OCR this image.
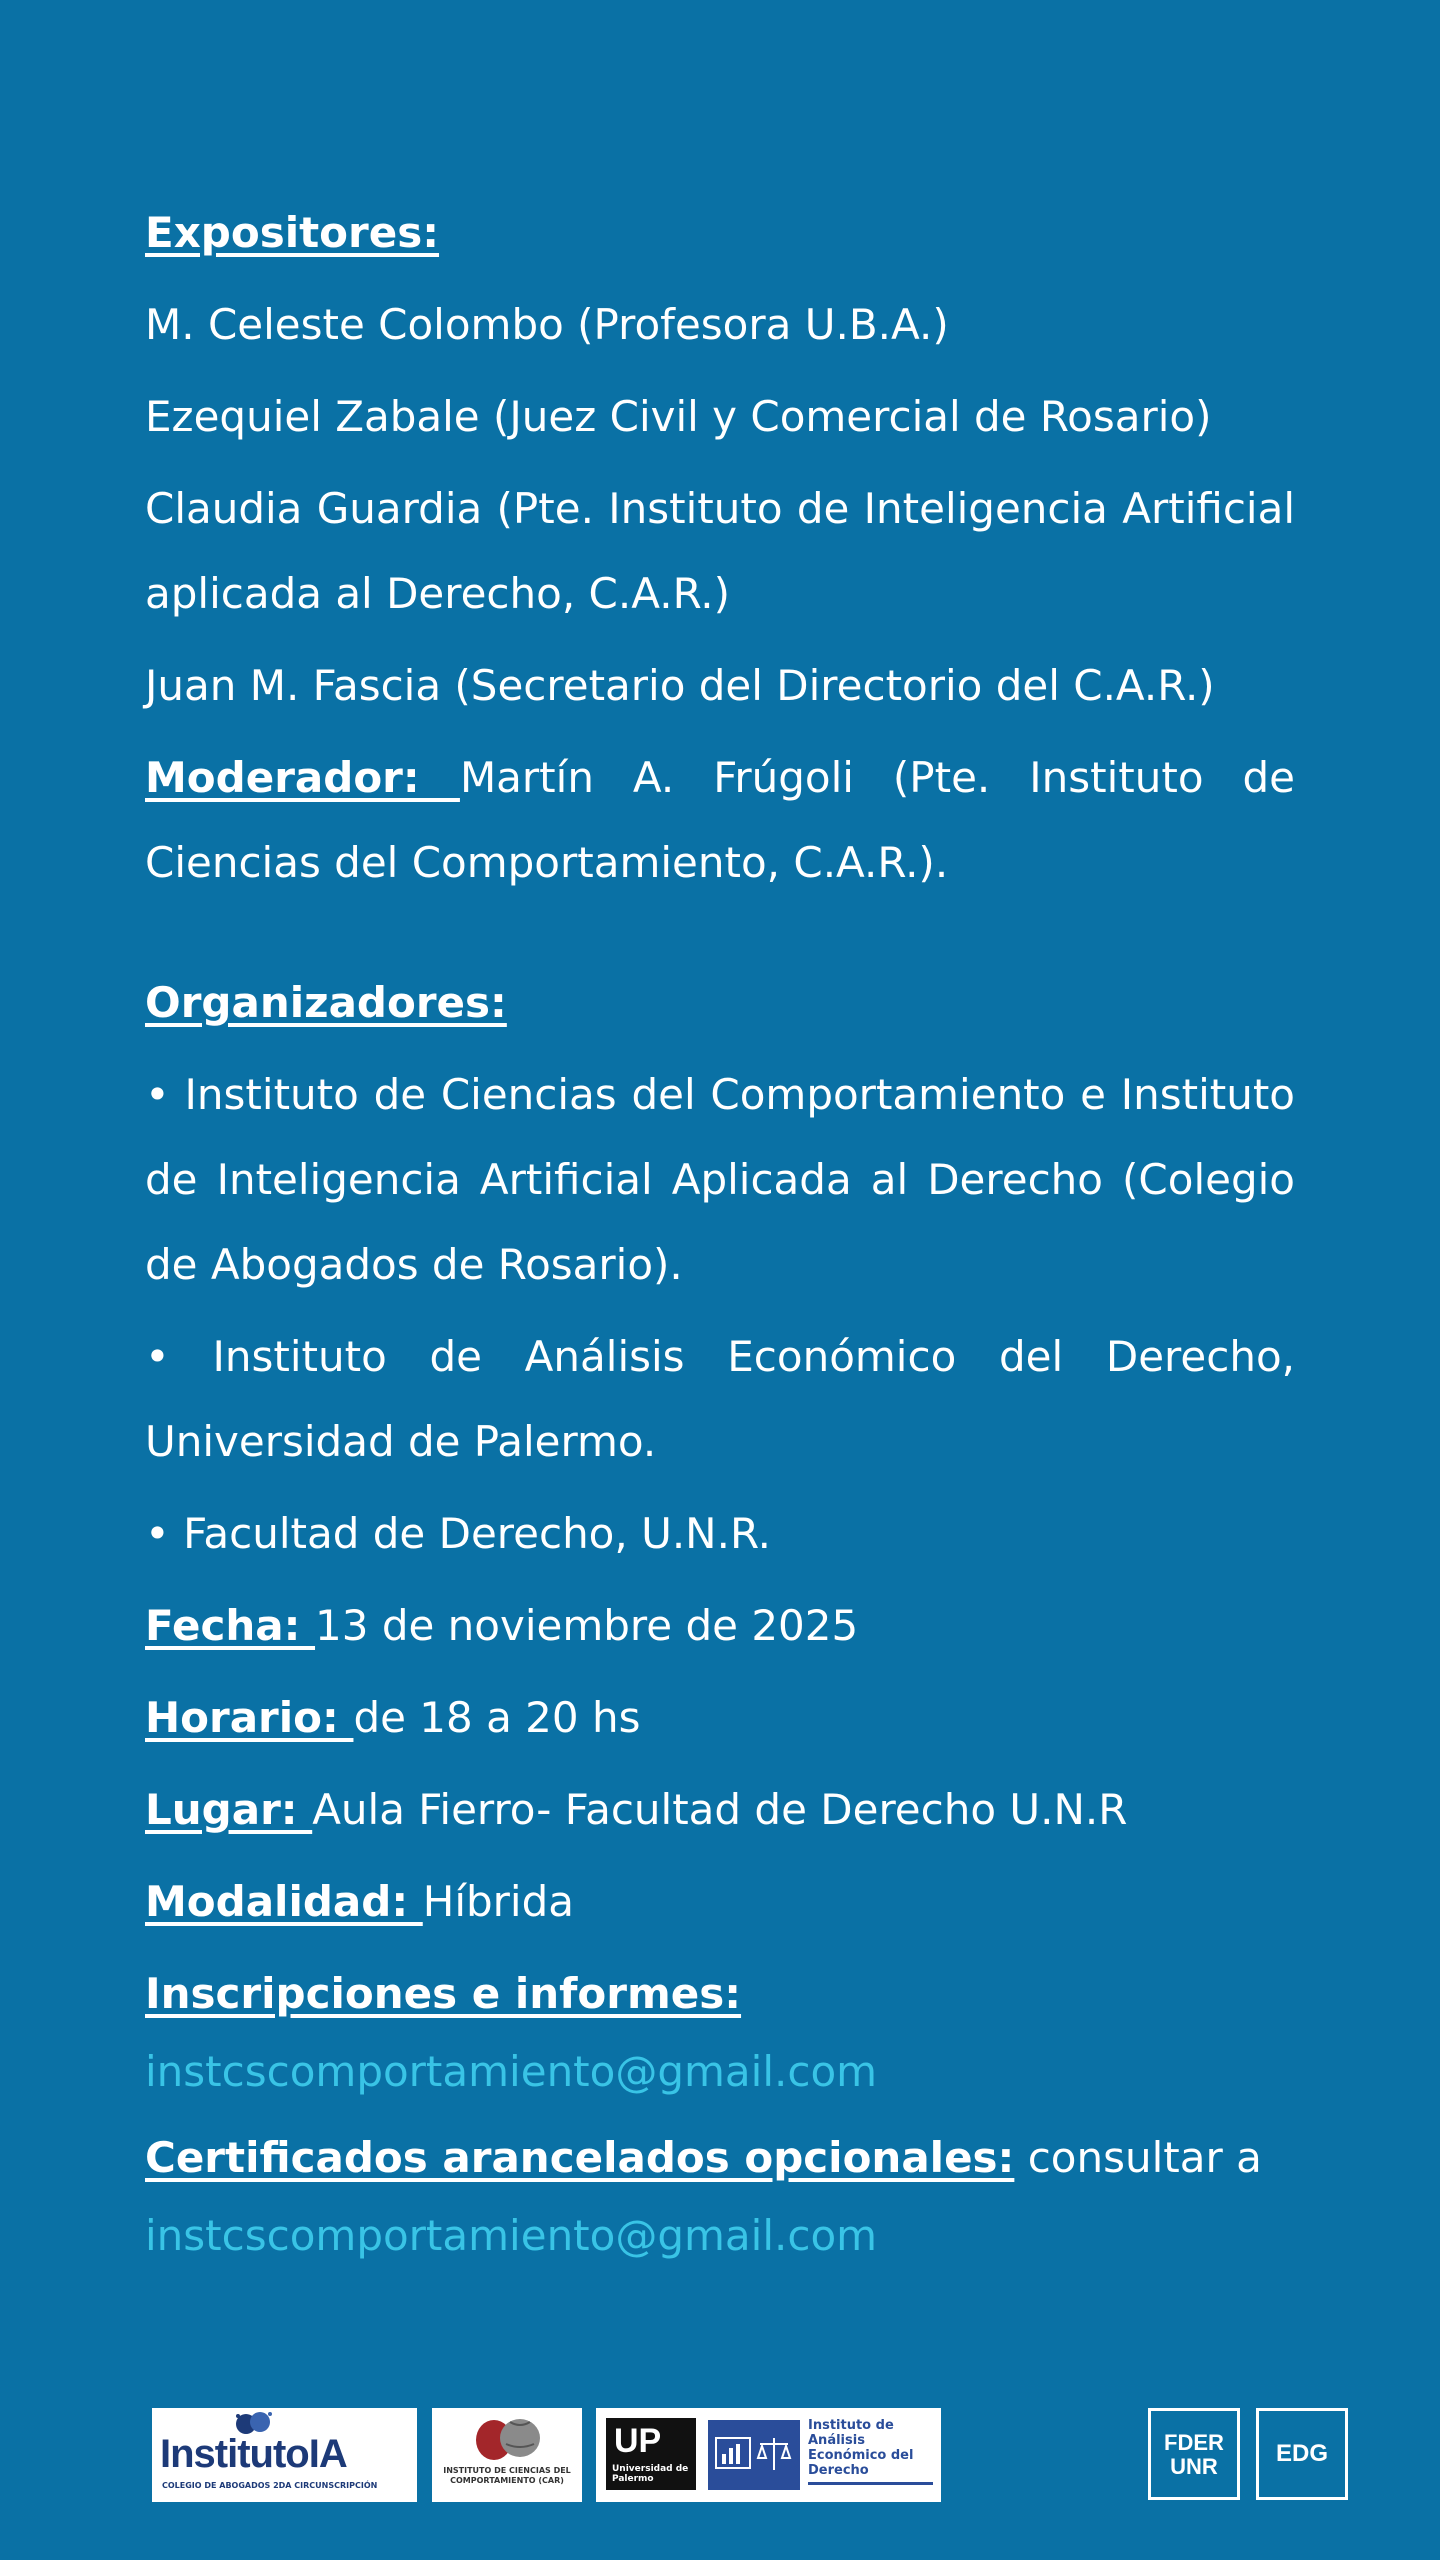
Expositores:

M. Celeste Colombo (Profesora U.B.A.)

Ezequiel Zabale (Juez Civil y Comercial de Rosario)

Claudia Guardia (Pte. Instituto de Inteligencia Artificial aplicada al Derecho, C.A.R.)

Juan M. Fascia (Secretario del Directorio del C.A.R.)

Moderador: Martín A. Frúgoli (Pte. Instituto de Ciencias del Comportamiento, C.A.R.).

Organizadores:

• Instituto de Ciencias del Comportamiento e Instituto de Inteligencia Artificial Aplicada al Derecho (Colegio de Abogados de Rosario).

• Instituto de Análisis Económico del Derecho, Universidad de Palermo.

• Facultad de Derecho, U.N.R.

Fecha: 13 de noviembre de 2025

Horario: de 18 a 20 hs

Lugar: Aula Fierro- Facultad de Derecho U.N.R

Modalidad: Híbrida

Inscripciones e informes:

instcscomportamiento@gmail.com

Certificados arancelados opcionales: consultar a

instcscomportamiento@gmail.com

InstitutoIA
COLEGIO DE ABOGADOS 2DA CIRCUNSCRIPCIÓN
INSTITUTO DE CIENCIAS DEL COMPORTAMIENTO (CAR)
UP
Universidad de Palermo
Instituto de Análisis Económico del Derecho
FDER
UNR	EDG
